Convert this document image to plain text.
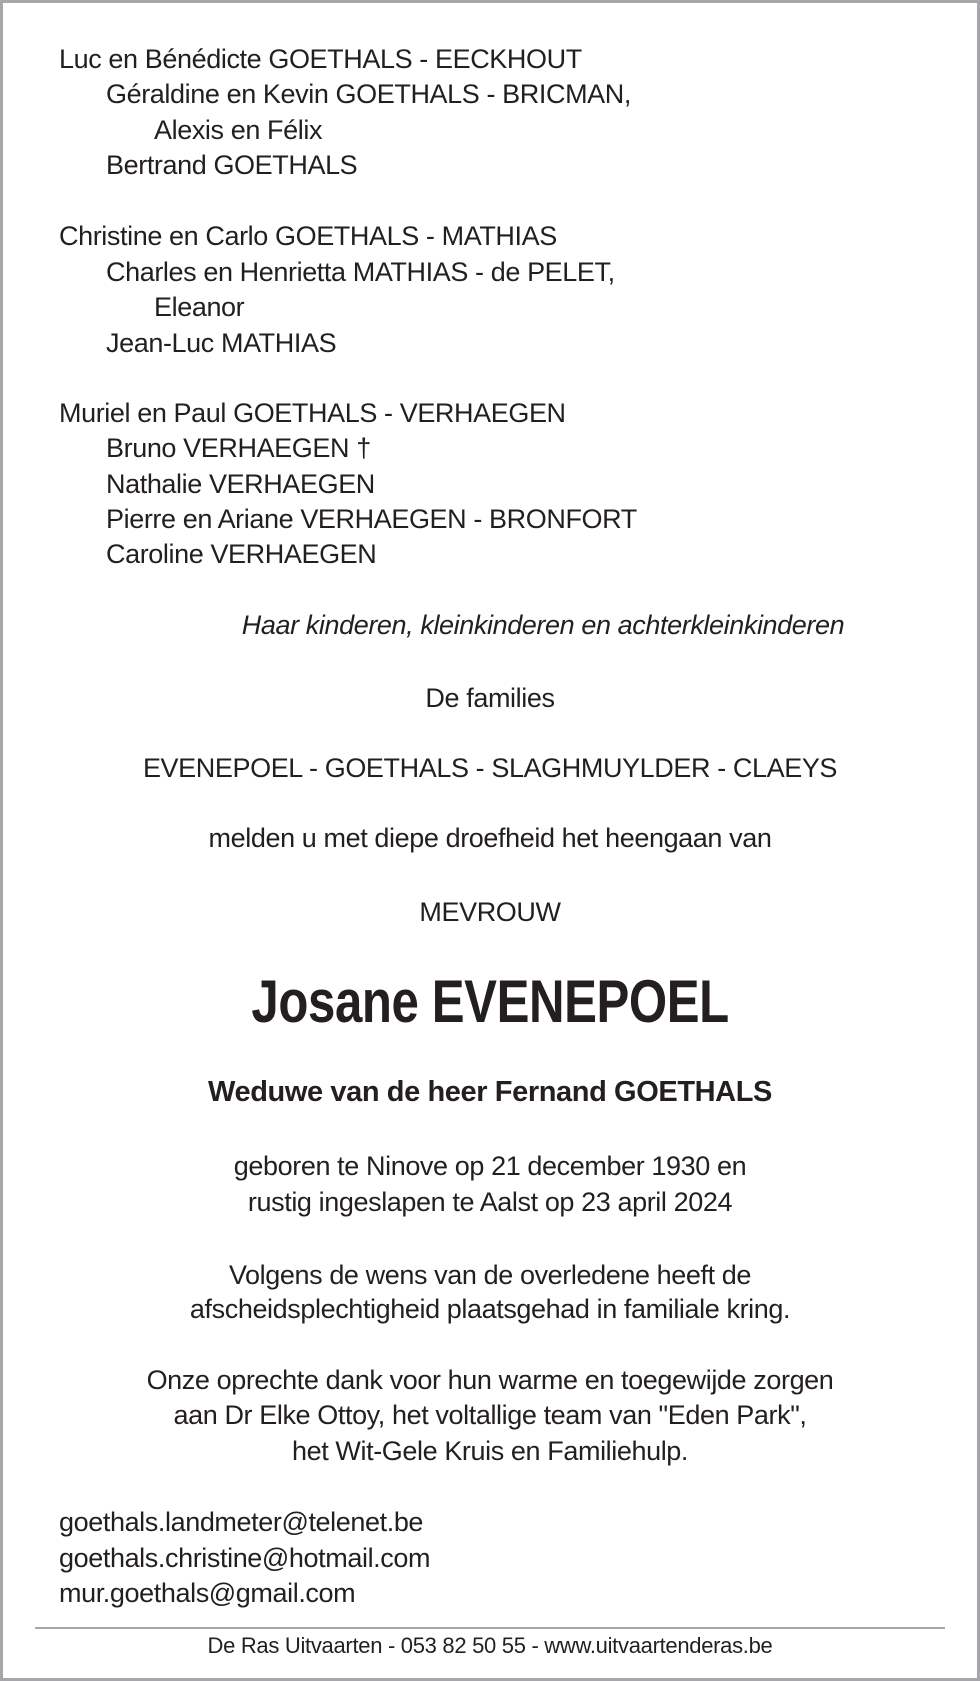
Luc en Bénédicte GOETHALS - EECKHOUT
Géraldine en Kevin GOETHALS - BRICMAN,
Alexis en Félix
Bertrand GOETHALS
Christine en Carlo GOETHALS - MATHIAS
Charles en Henrietta MATHIAS - de PELET,
Eleanor
Jean-Luc MATHIAS
Muriel en Paul GOETHALS - VERHAEGEN
Bruno VERHAEGEN †
Nathalie VERHAEGEN
Pierre en Ariane VERHAEGEN - BRONFORT
Caroline VERHAEGEN
Haar kinderen, kleinkinderen en achterkleinkinderen
De families
EVENEPOEL - GOETHALS - SLAGHMUYLDER - CLAEYS
melden u met diepe droefheid het heengaan van
MEVROUW
Josane EVENEPOEL
Weduwe van de heer Fernand GOETHALS
geboren te Ninove op 21 december 1930 en
rustig ingeslapen te Aalst op 23 april 2024
Volgens de wens van de overledene heeft de
afscheidsplechtigheid plaatsgehad in familiale kring.
Onze oprechte dank voor hun warme en toegewijde zorgen
aan Dr Elke Ottoy, het voltallige team van "Eden Park",
het Wit-Gele Kruis en Familiehulp.
goethals.landmeter@telenet.be
goethals.christine@hotmail.com
mur.goethals@gmail.com
De Ras Uitvaarten - 053 82 50 55 - www.uitvaartenderas.be
